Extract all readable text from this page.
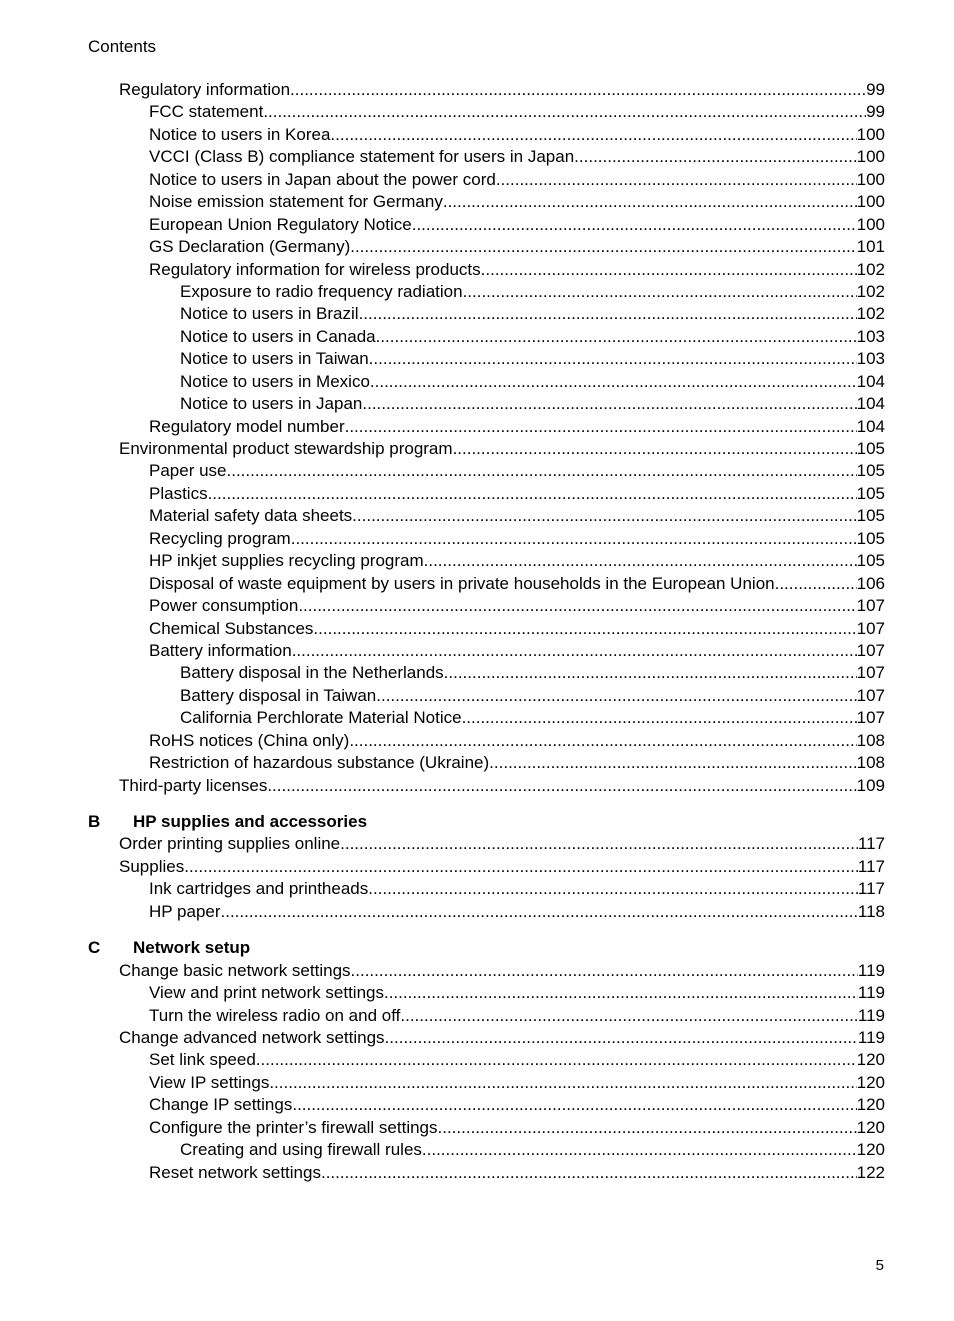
Contents
Regulatory information .....	99
FCC statement .....	99
Notice to users in Korea .....	100
VCCI (Class B) compliance statement for users in Japan .....	100
Notice to users in Japan about the power cord .....	100
Noise emission statement for Germany .....	100
European Union Regulatory Notice .....	100
GS Declaration (Germany) .....	101
Regulatory information for wireless products .....	102
Exposure to radio frequency radiation .....	102
Notice to users in Brazil .....	102
Notice to users in Canada .....	103
Notice to users in Taiwan .....	103
Notice to users in Mexico .....	104
Notice to users in Japan .....	104
Regulatory model number .....	104
Environmental product stewardship program .....	105
Paper use .....	105
Plastics .....	105
Material safety data sheets .....	105
Recycling program .....	105
HP inkjet supplies recycling program .....	105
Disposal of waste equipment by users in private households in the European Union .....	106
Power consumption .....	107
Chemical Substances .....	107
Battery information .....	107
Battery disposal in the Netherlands .....	107
Battery disposal in Taiwan .....	107
California Perchlorate Material Notice .....	107
RoHS notices (China only) .....	108
Restriction of hazardous substance (Ukraine) .....	108
Third-party licenses .....	109
B	HP supplies and accessories
Order printing supplies online .....	117
Supplies .....	117
Ink cartridges and printheads .....	117
HP paper .....	118
C	Network setup
Change basic network settings .....	119
View and print network settings .....	119
Turn the wireless radio on and off .....	119
Change advanced network settings .....	119
Set link speed .....	120
View IP settings .....	120
Change IP settings .....	120
Configure the printer’s firewall settings .....	120
Creating and using firewall rules .....	120
Reset network settings .....	122
5
